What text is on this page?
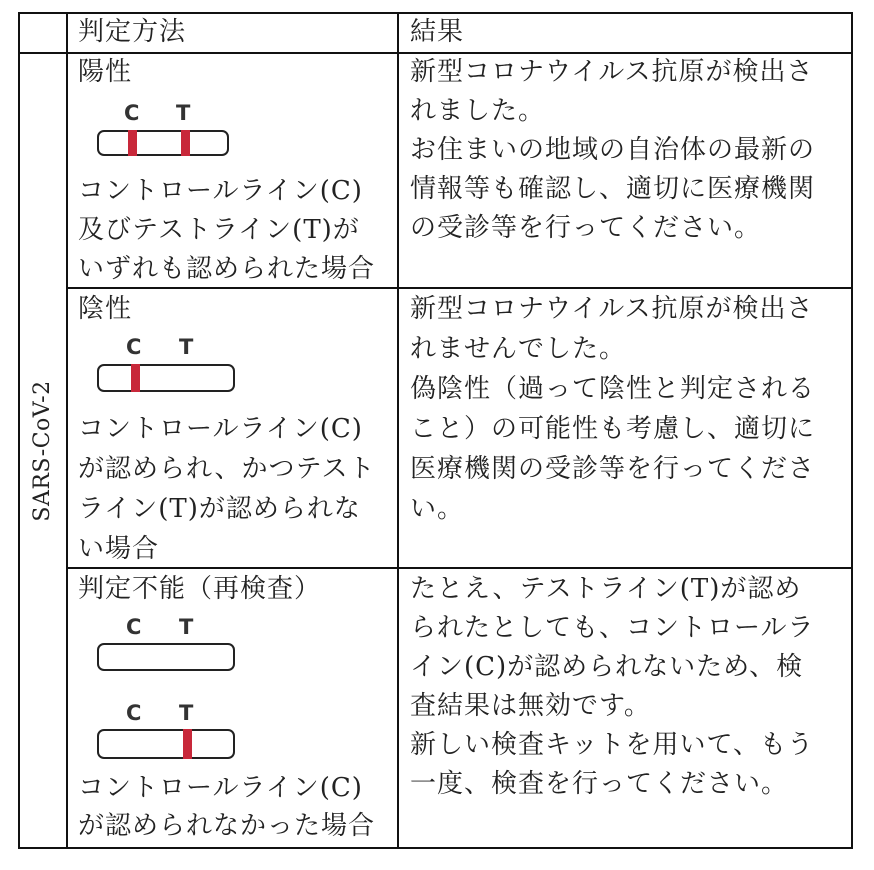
判定方法	結果
SARS-CoV-2
陽性
C T
コントロールライン(C)
及びテストライン(T)が
いずれも認められた場合
新型コロナウイルス抗原が検出さ
れました。
お住まいの地域の自治体の最新の
情報等も確認し、適切に医療機関
の受診等を行ってください。
陰性
C T
コントロールライン(C)
が認められ、かつテスト
ライン(T)が認められな
い場合
新型コロナウイルス抗原が検出さ
れませんでした。
偽陰性（過って陰性と判定される
こと）の可能性も考慮し、適切に
医療機関の受診等を行ってくださ
い。
判定不能（再検査）
C T
C T
コントロールライン(C)
が認められなかった場合
たとえ、テストライン(T)が認め
られたとしても、コントロールラ
イン(C)が認められないため、検
査結果は無効です。
新しい検査キットを用いて、もう
一度、検査を行ってください。
